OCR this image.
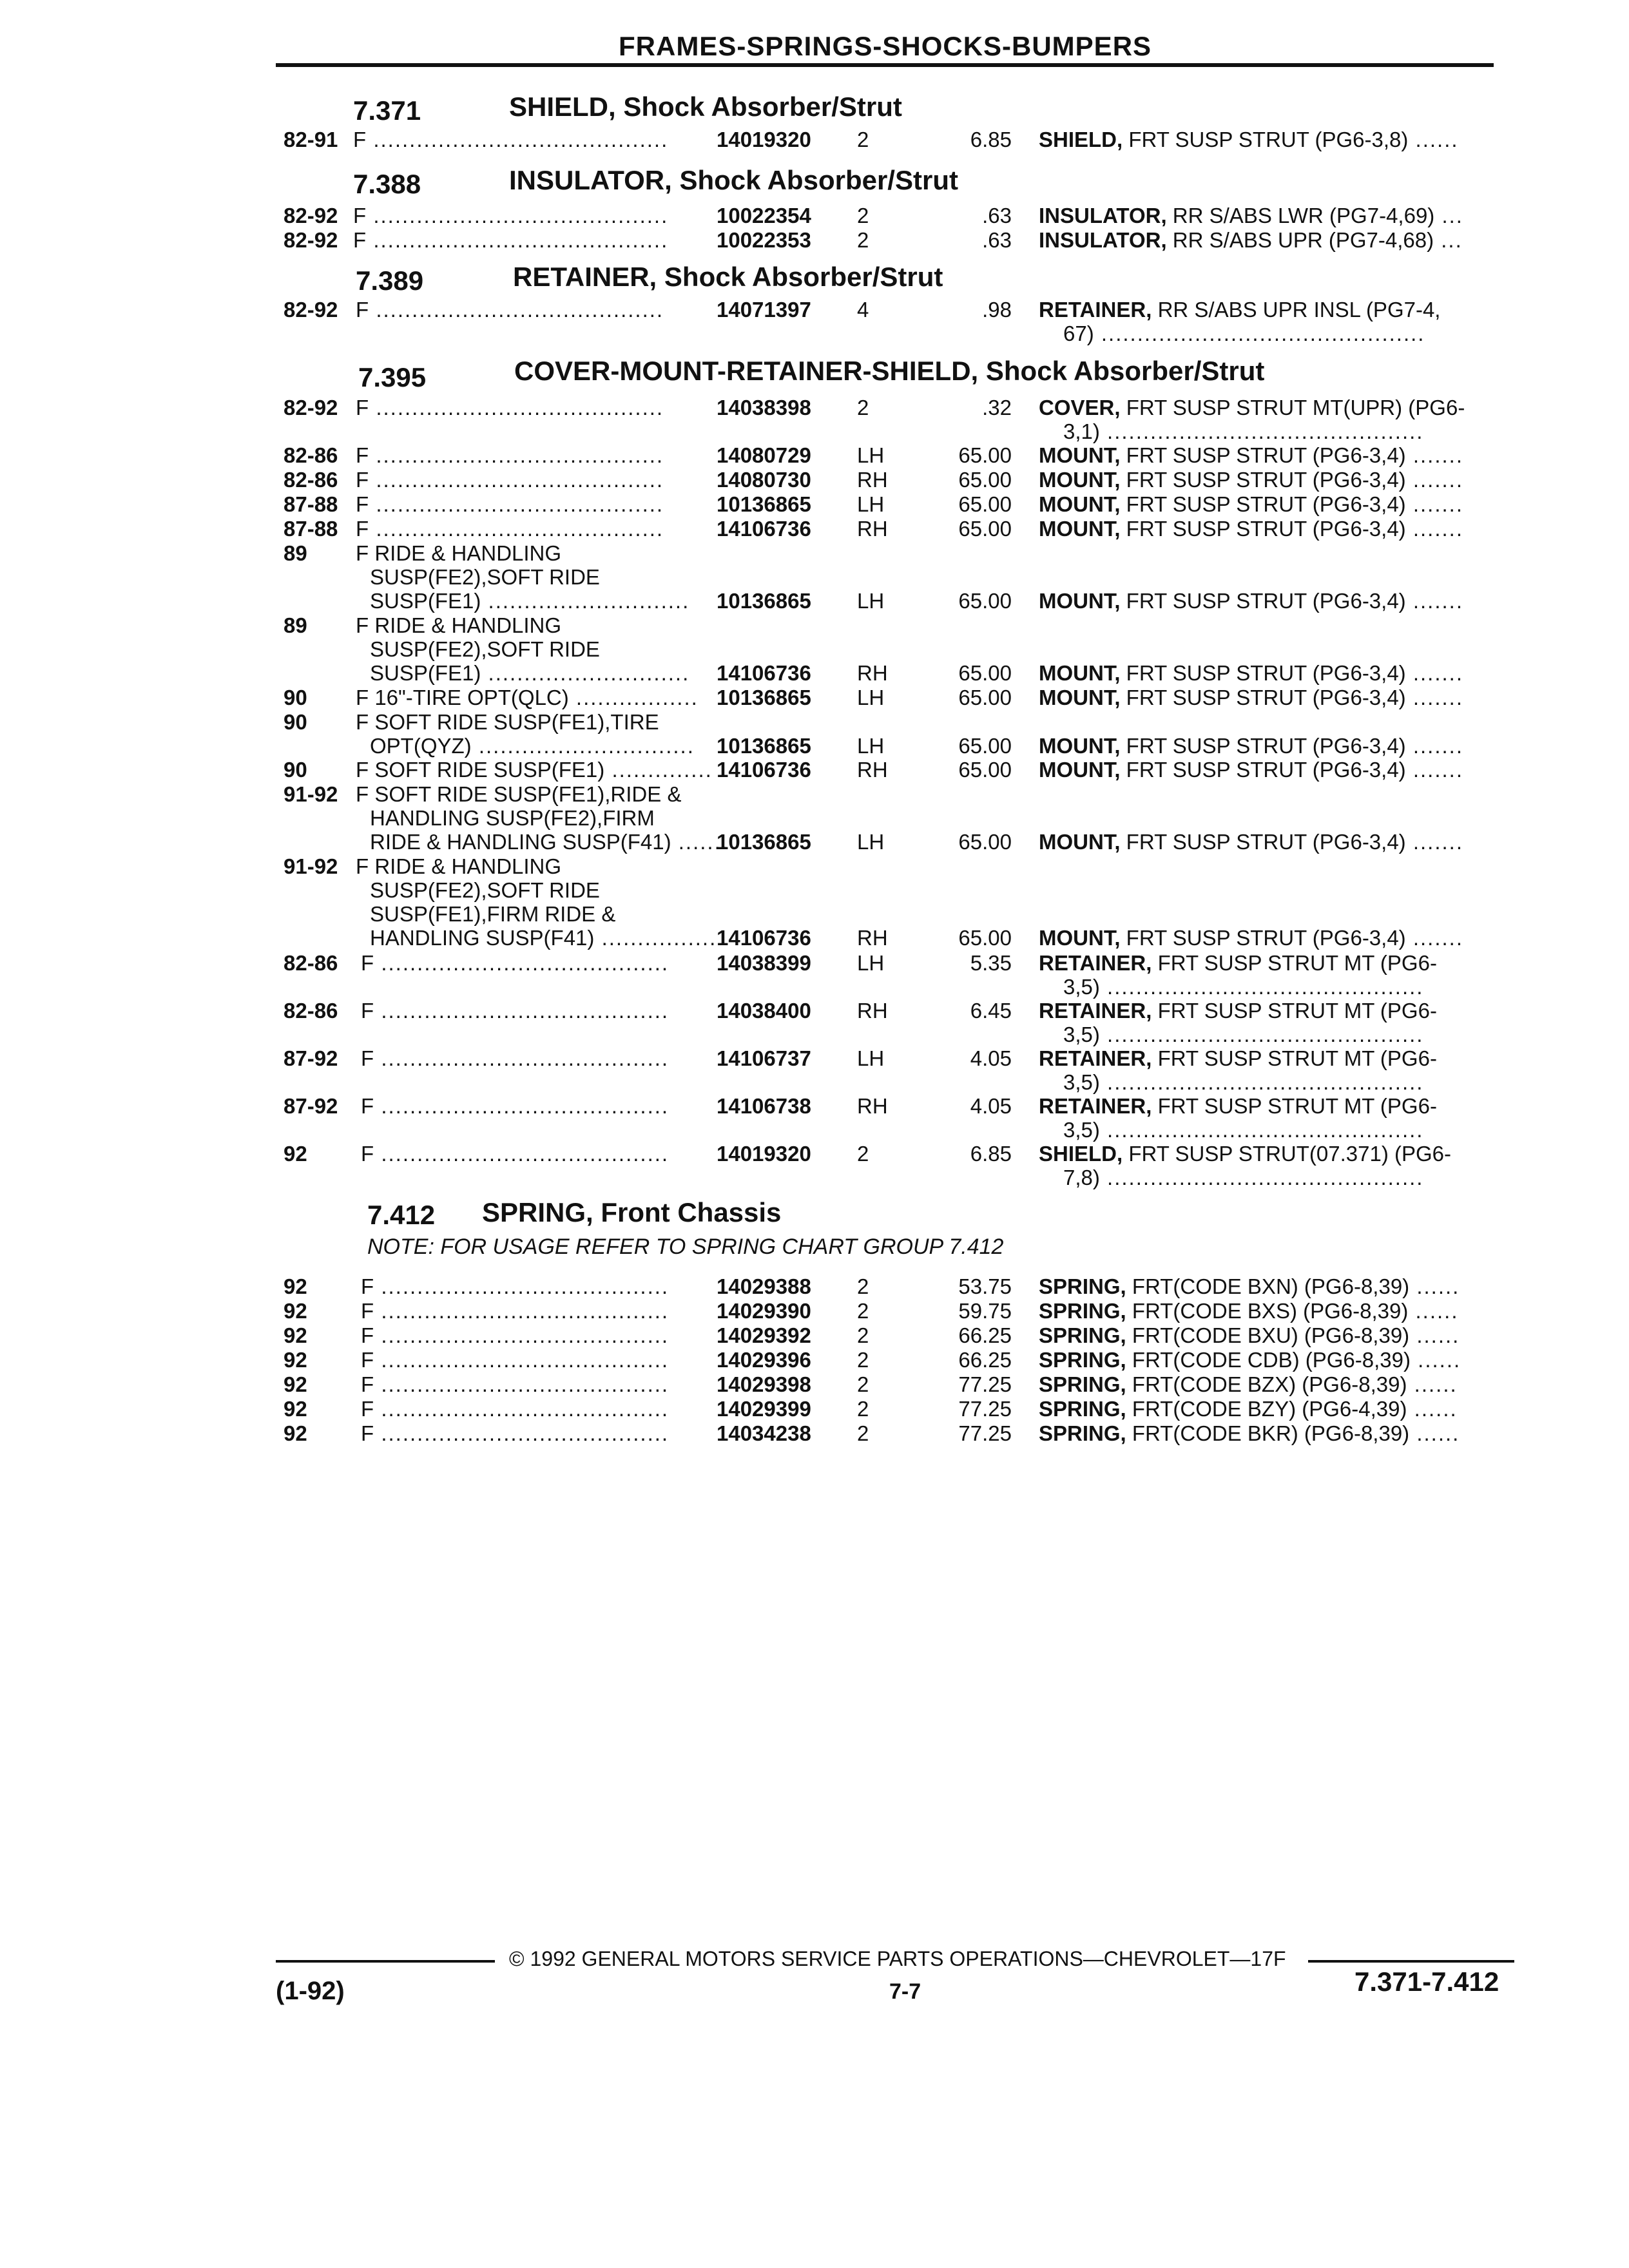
FRAMES-SPRINGS-SHOCKS-BUMPERS
7.371	SHIELD, Shock Absorber/Strut
7.388	INSULATOR, Shock Absorber/Strut
7.389	RETAINER, Shock Absorber/Strut
7.395	COVER-MOUNT-RETAINER-SHIELD, Shock Absorber/Strut
7.412 SPRING, Front Chassis
NOTE: FOR USAGE REFER TO SPRING CHART GROUP 7.412
82-91 F ......................................... 14019320 2	6.85 SHIELD, FRT SUSP STRUT (PG6-3,8) ......
82-92 F ......................................... 10022354 2	.63 INSULATOR, RR S/ABS LWR (PG7-4,69) ...
82-92 F ......................................... 10022353 2	.63 INSULATOR, RR S/ABS UPR (PG7-4,68) ...
82-92 F ........................................ 14071397 4	.98 RETAINER, RR S/ABS UPR INSL (PG7-4,
67) .............................................
82-92 F ........................................ 14038398 2	.32 COVER, FRT SUSP STRUT MT(UPR) (PG6-
3,1) ............................................
82-86 F ........................................ 14080729 LH	65.00 MOUNT, FRT SUSP STRUT (PG6-3,4) .......
82-86 F ........................................ 14080730 RH	65.00 MOUNT, FRT SUSP STRUT (PG6-3,4) .......
87-88 F ........................................ 10136865 LH	65.00 MOUNT, FRT SUSP STRUT (PG6-3,4) .......
87-88 F ........................................ 14106736 RH	65.00 MOUNT, FRT SUSP STRUT (PG6-3,4) .......
89 F RIDE & HANDLING
SUSP(FE2),SOFT RIDE
SUSP(FE1) ............................ 10136865 LH	65.00 MOUNT, FRT SUSP STRUT (PG6-3,4) .......
89 F RIDE & HANDLING
SUSP(FE2),SOFT RIDE
SUSP(FE1) ............................ 14106736 RH	65.00 MOUNT, FRT SUSP STRUT (PG6-3,4) .......
90 F 16"-TIRE OPT(QLC) ................. 10136865 LH	65.00 MOUNT, FRT SUSP STRUT (PG6-3,4) .......
90 F SOFT RIDE SUSP(FE1),TIRE
OPT(QYZ) .............................. 10136865 LH	65.00 MOUNT, FRT SUSP STRUT (PG6-3,4) .......
90 F SOFT RIDE SUSP(FE1) .............. 14106736 RH	65.00 MOUNT, FRT SUSP STRUT (PG6-3,4) .......
91-92 F SOFT RIDE SUSP(FE1),RIDE &
HANDLING SUSP(FE2),FIRM
RIDE & HANDLING SUSP(F41) .......
10136865 LH	65.00 MOUNT, FRT SUSP STRUT (PG6-3,4) .......
91-92 F RIDE & HANDLING
SUSP(FE2),SOFT RIDE
SUSP(FE1),FIRM RIDE &
HANDLING SUSP(F41) ................ 14106736 RH	65.00 MOUNT, FRT SUSP STRUT (PG6-3,4) .......
82-86 F ........................................ 14038399 LH	5.35 RETAINER, FRT SUSP STRUT MT (PG6-
3,5) ............................................
82-86 F ........................................ 14038400 RH	6.45 RETAINER, FRT SUSP STRUT MT (PG6-
3,5) ............................................
87-92 F ........................................ 14106737 LH	4.05 RETAINER, FRT SUSP STRUT MT (PG6-
3,5) ............................................
87-92 F ........................................ 14106738 RH	4.05 RETAINER, FRT SUSP STRUT MT (PG6-
3,5) ............................................
92	F ........................................ 14019320 2	6.85 SHIELD, FRT SUSP STRUT(07.371) (PG6-
7,8) ............................................
92	F ........................................ 14029388 2	53.75 SPRING, FRT(CODE BXN) (PG6-8,39) ......
92	F ........................................ 14029390 2	59.75 SPRING, FRT(CODE BXS) (PG6-8,39) ......
92	F ........................................ 14029392 2	66.25 SPRING, FRT(CODE BXU) (PG6-8,39) ......
92	F ........................................ 14029396 2	66.25 SPRING, FRT(CODE CDB) (PG6-8,39) ......
92	F ........................................ 14029398 2	77.25 SPRING, FRT(CODE BZX) (PG6-8,39) ......
92	F ........................................ 14029399 2	77.25 SPRING, FRT(CODE BZY) (PG6-4,39) ......
92	F ........................................ 14034238 2	77.25 SPRING, FRT(CODE BKR) (PG6-8,39) ......
© 1992 GENERAL MOTORS SERVICE PARTS OPERATIONS—CHEVROLET—17F
(1-92)	7-7	7.371-7.412
